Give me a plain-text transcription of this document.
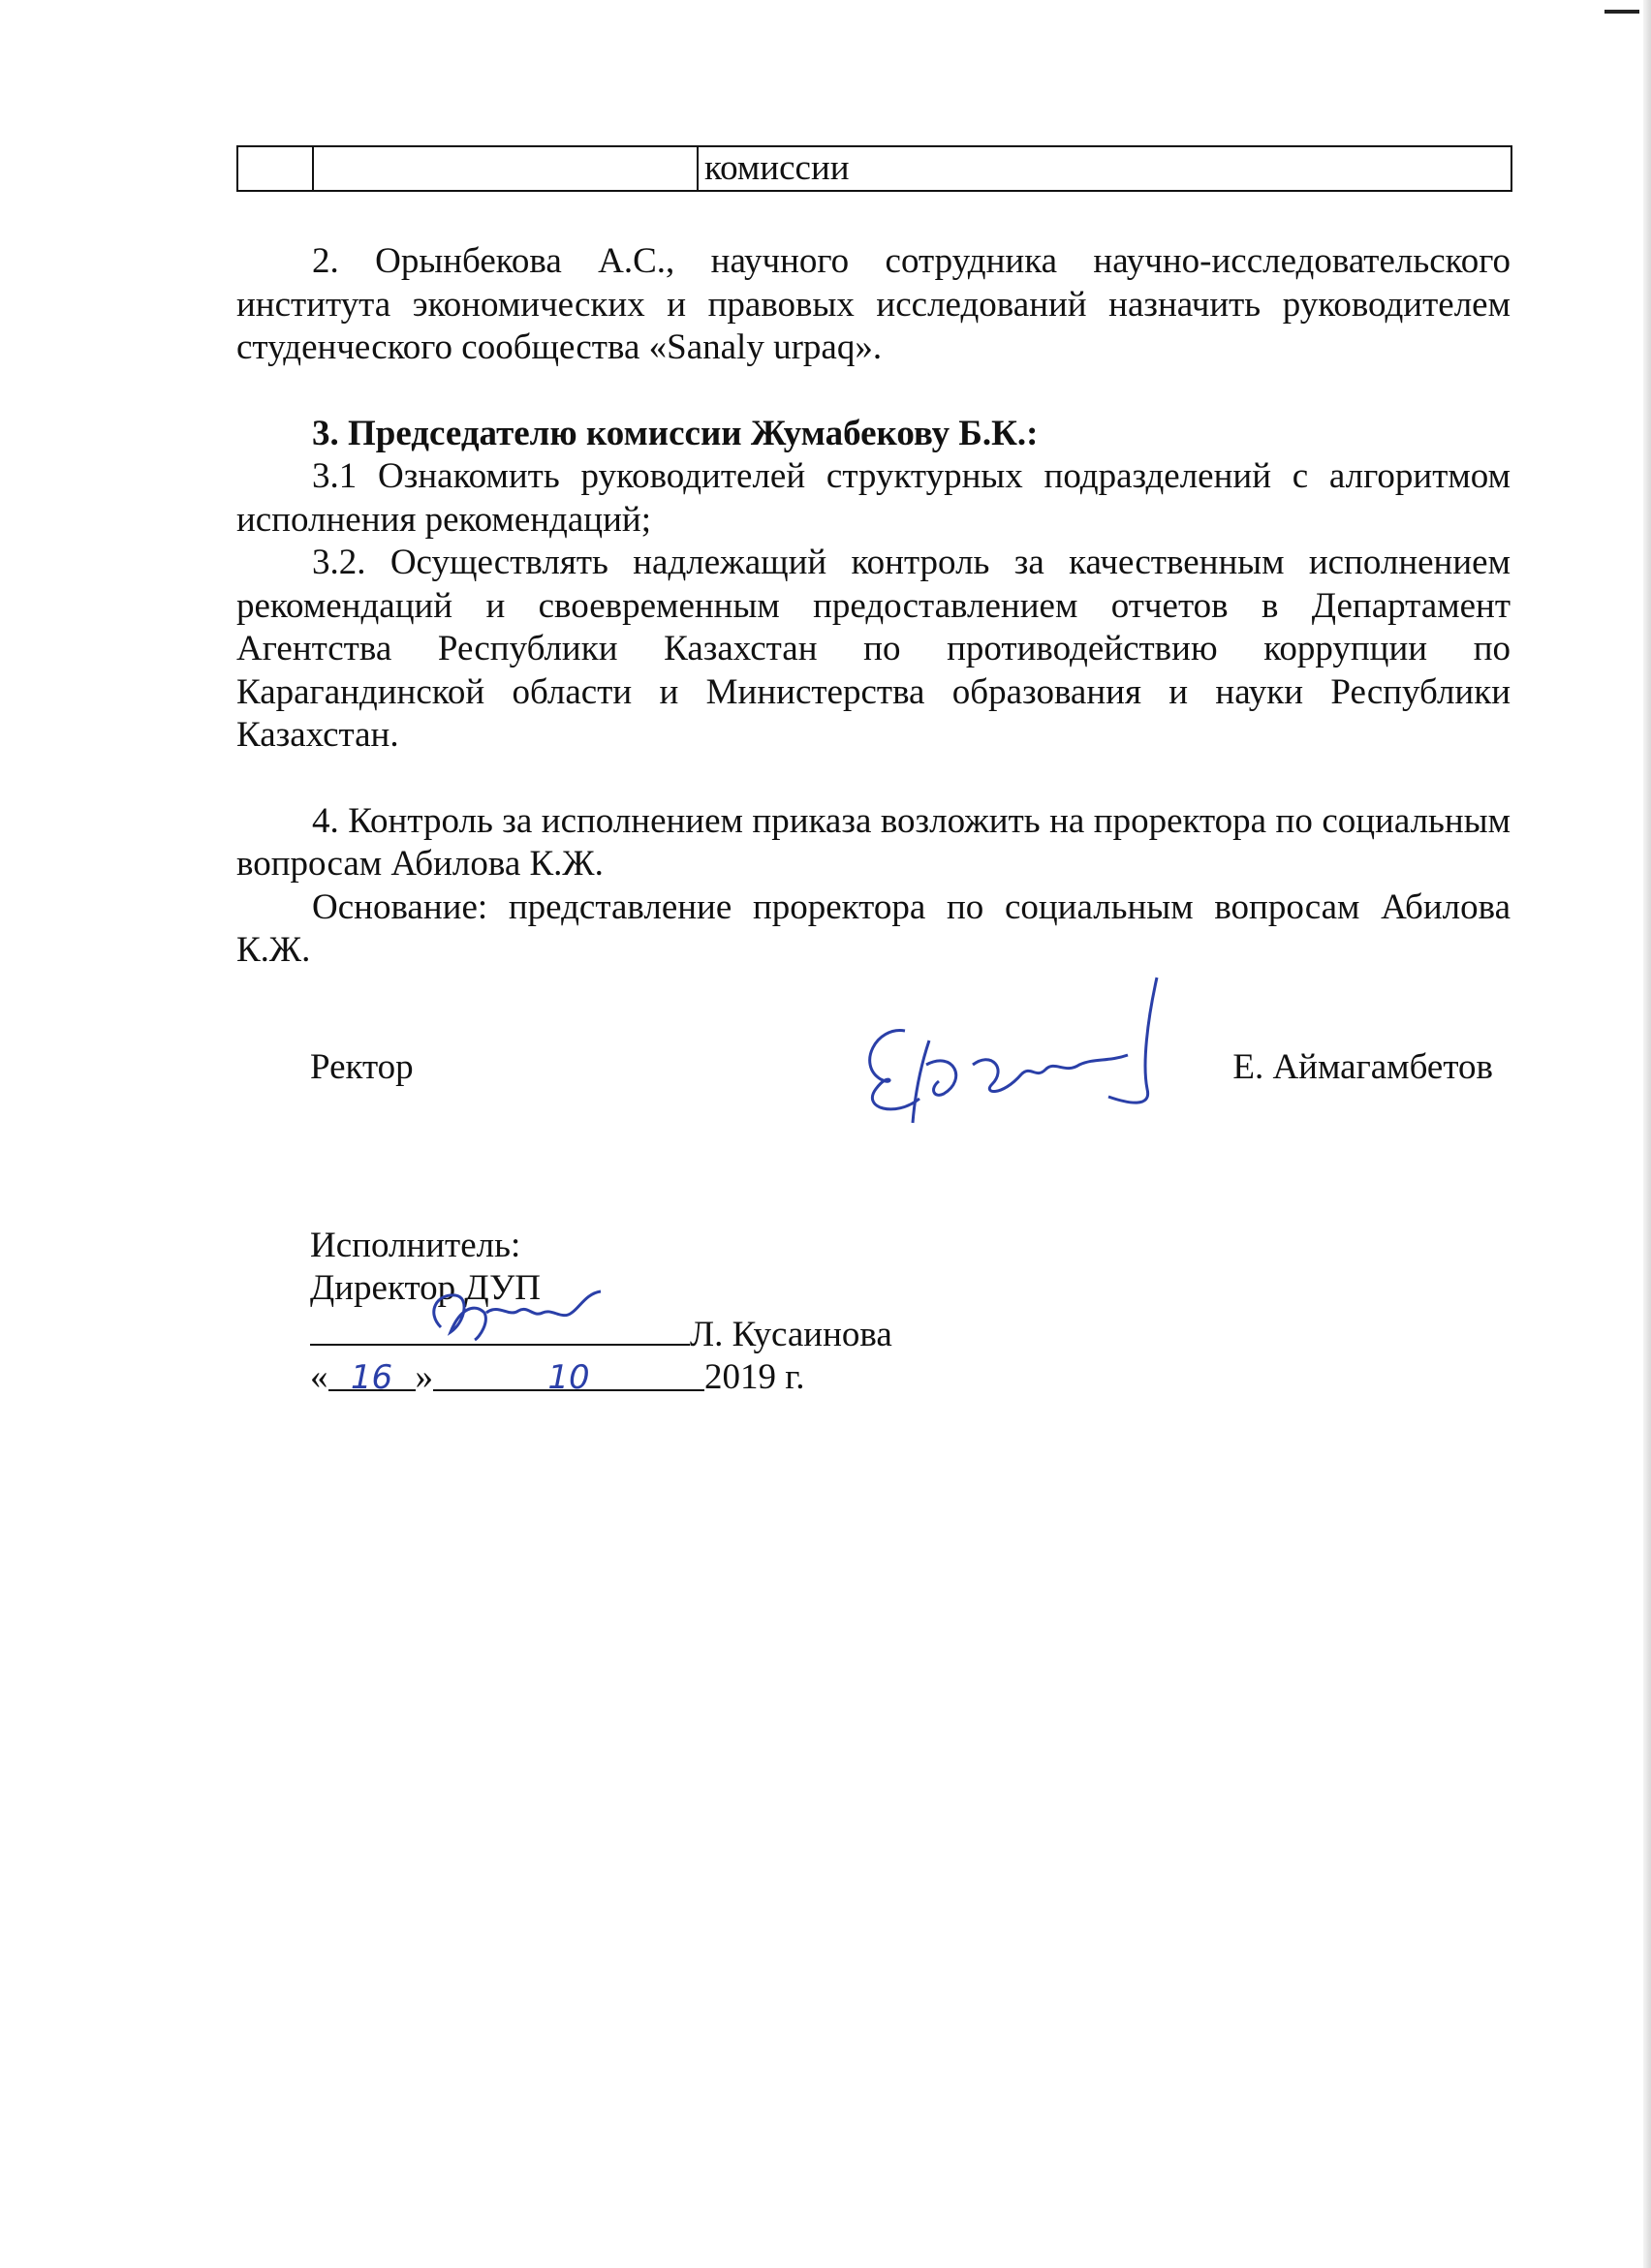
		комиссии

2. Орынбекова А.С., научного сотрудника научно-исследовательского института экономических и правовых исследований назначить руководителем студенческого сообщества «Sanaly urpaq».

3. Председателю комиссии Жумабекову Б.К.:

3.1 Ознакомить руководителей структурных подразделений с алгоритмом исполнения рекомендаций;

3.2. Осуществлять надлежащий контроль за качественным исполнением рекомендаций и своевременным предоставлением отчетов в Департамент Агентства Республики Казахстан по противодействию коррупции по Карагандинской области и Министерства образования и науки Республики Казахстан.

4. Контроль за исполнением приказа возложить на проректора по социальным вопросам Абилова К.Ж.

Основание: представление проректора по социальным вопросам Абилова К.Ж.

Ректор	Е. Аймагамбетов
Исполнитель:
Директор ДУП
Л. Кусаинова
« 16 »	10	2019 г.
